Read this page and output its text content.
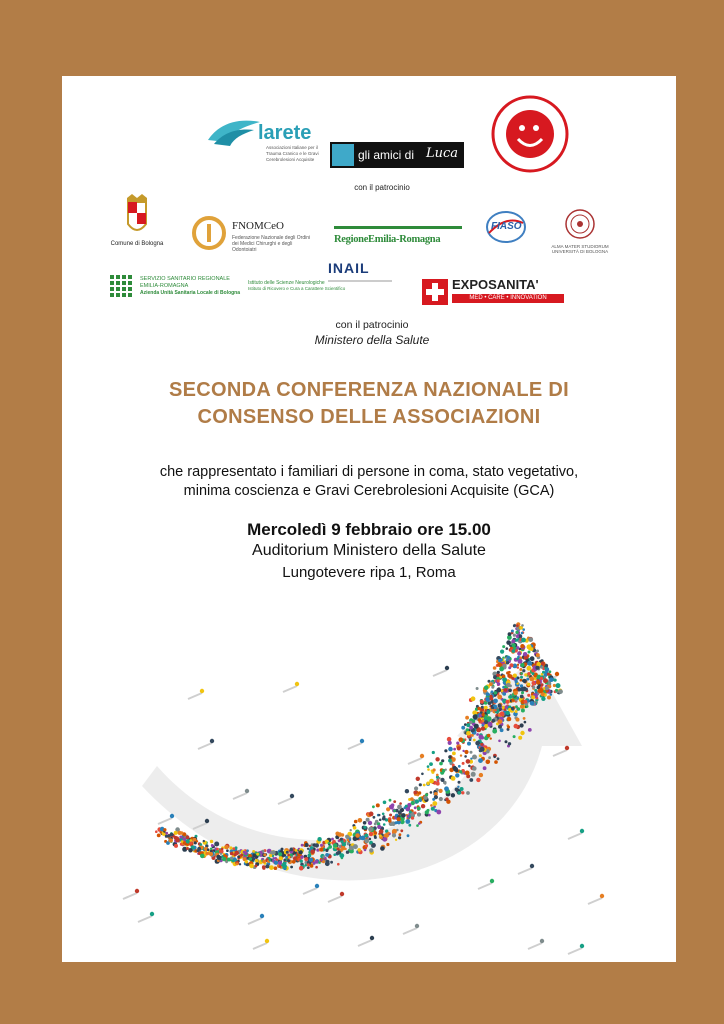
larete
Associazioni Italiane per il Trauma Cranico e le Gravi Cerebrolesioni Acquisite	gli amici di Luca
con il patrocinio
Comune di Bologna
FNOMCeO
Federazione Nazionale degli Ordini dei Medici Chirurghi e degli Odontoiatri
RegioneEmilia-Romagna
FIASO
ALMA MATER STUDIORUM UNIVERSITÀ DI BOLOGNA
SERVIZIO SANITARIO REGIONALE
EMILIA-ROMAGNA
Azienda Unità Sanitaria Locale di Bologna
Istituto delle Scienze Neurologiche
Istituto di Ricovero e Cura a Carattere Scientifico
INAIL
EXPOSANITA'
MED • CARE • INNOVATION
con il patrocinio
Ministero della Salute
SECONDA CONFERENZA NAZIONALE DI
CONSENSO DELLE ASSOCIAZIONI
che rappresentato i familiari di persone in coma, stato vegetativo,
minima coscienza e Gravi Cerebrolesioni Acquisite (GCA)
Mercoledì 9 febbraio ore 15.00
Auditorium Ministero della Salute
Lungotevere ripa 1, Roma
